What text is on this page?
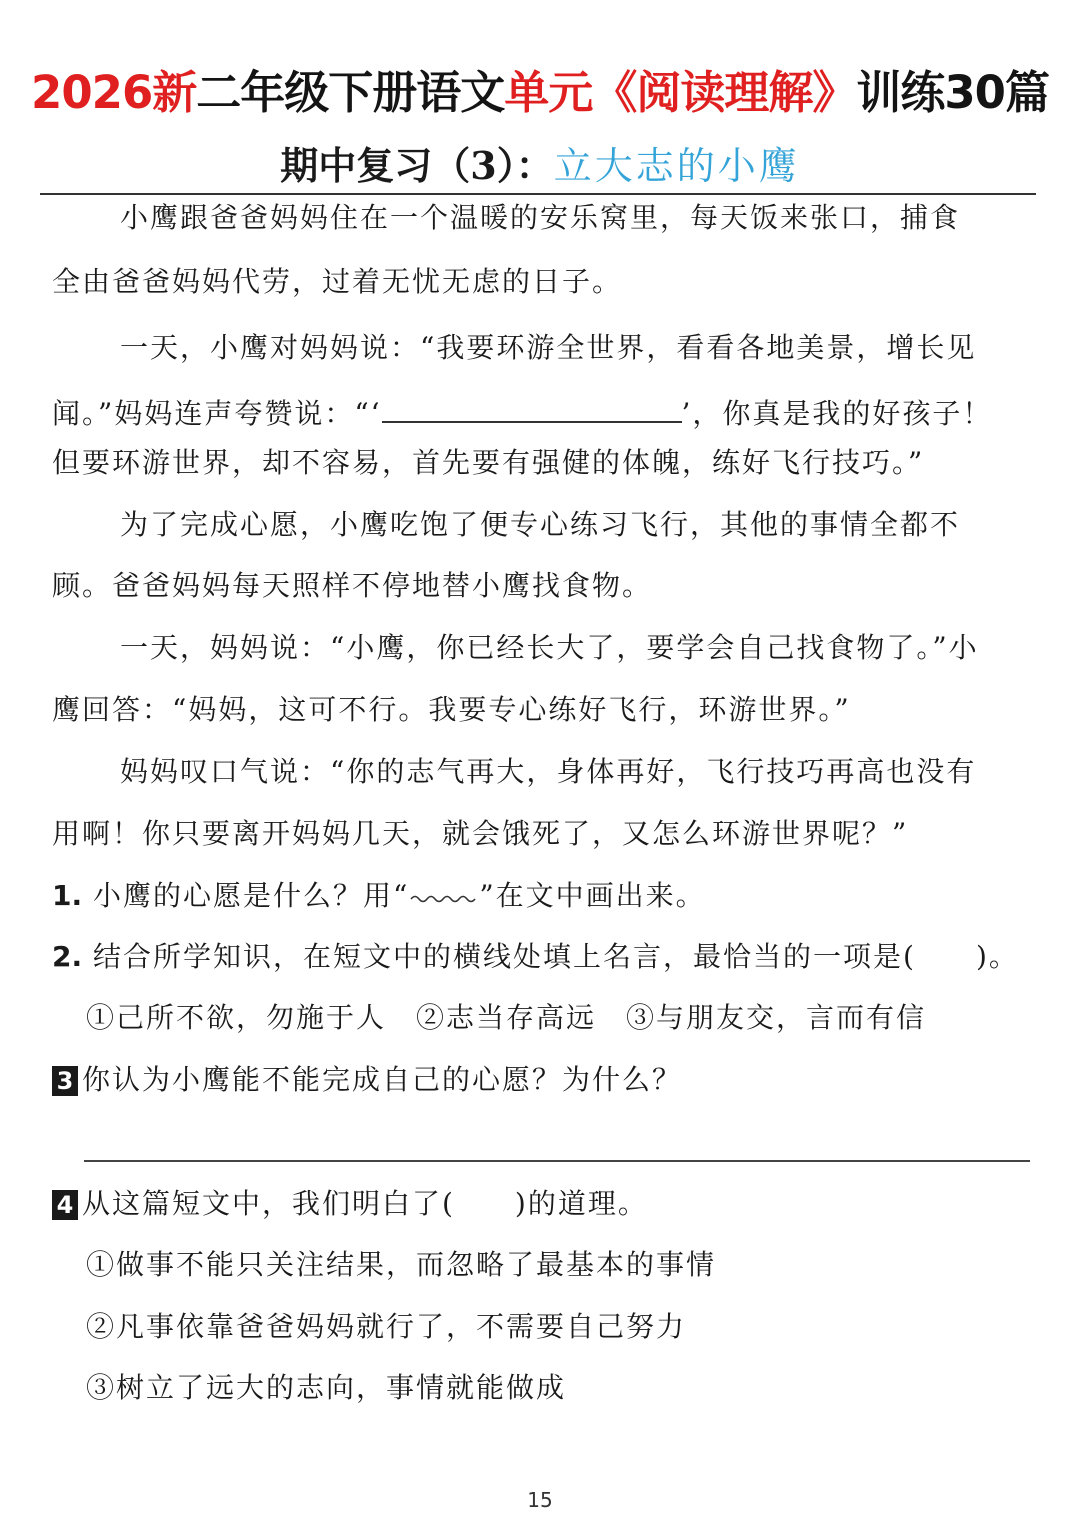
2026新二年级下册语文单元《阅读理解》训练30篇
期中复习（3）：立大志的小鹰
小鹰跟爸爸妈妈住在一个温暖的安乐窝里，每天饭来张口，捕食
全由爸爸妈妈代劳，过着无忧无虑的日子。
一天，小鹰对妈妈说：“我要环游全世界，看看各地美景，增长见
闻。”妈妈连声夸赞说：“‘	’，你真是我的好孩子！
但要环游世界，却不容易，首先要有强健的体魄，练好飞行技巧。”
为了完成心愿，小鹰吃饱了便专心练习飞行，其他的事情全都不
顾。爸爸妈妈每天照样不停地替小鹰找食物。
一天，妈妈说：“小鹰，你已经长大了，要学会自己找食物了。”小
鹰回答：“妈妈，这可不行。我要专心练好飞行，环游世界。”
妈妈叹口气说：“你的志气再大，身体再好，飞行技巧再高也没有
用啊！你只要离开妈妈几天，就会饿死了，又怎么环游世界呢？”
1. 小鹰的心愿是什么？用“	”在文中画出来。
2. 结合所学知识，在短文中的横线处填上名言，最恰当的一项是(　　)。
①己所不欲，勿施于人　②志当存高远　③与朋友交，言而有信
3 你认为小鹰能不能完成自己的心愿？为什么？
4 从这篇短文中，我们明白了(　　)的道理。
①做事不能只关注结果，而忽略了最基本的事情
②凡事依靠爸爸妈妈就行了，不需要自己努力
③树立了远大的志向，事情就能做成
15
